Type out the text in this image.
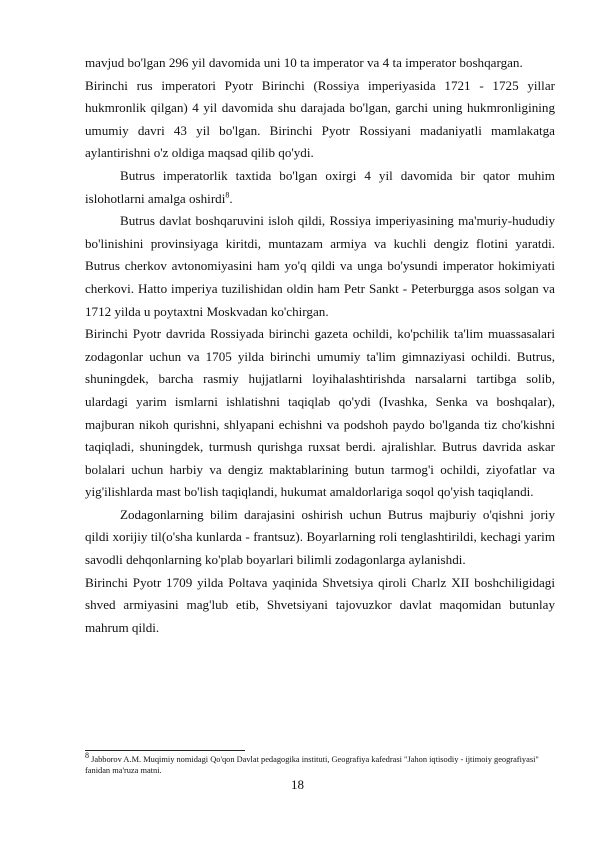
mavjud bo'lgan 296 yil davomida uni 10 ta imperator va 4 ta imperator boshqargan.

Birinchi rus imperatori Pyotr Birinchi (Rossiya imperiyasida 1721 - 1725 yillar hukmronlik qilgan) 4 yil davomida shu darajada bo'lgan, garchi uning hukmronligining umumiy davri 43 yil bo'lgan. Birinchi Pyotr Rossiyani madaniyatli mamlakatga aylantirishni o'z oldiga maqsad qilib qo'ydi.

Butrus imperatorlik taxtida bo'lgan oxirgi 4 yil davomida bir qator muhim islohotlarni amalga oshirdi$^8$.

Butrus davlat boshqaruvini isloh qildi, Rossiya imperiyasining ma'muriy-hududiy bo'linishini provinsiyaga kiritdi, muntazam armiya va kuchli dengiz flotini yaratdi. Butrus cherkov avtonomiyasini ham yo'q qildi va unga bo'ysundi imperator hokimiyati cherkovi. Hatto imperiya tuzilishidan oldin ham Petr Sankt - Peterburgga asos solgan va 1712 yilda u poytaxtni Moskvadan ko'chirgan.

Birinchi Pyotr davrida Rossiyada birinchi gazeta ochildi, ko'pchilik ta'lim muassasalari zodagonlar uchun va 1705 yilda birinchi umumiy ta'lim gimnaziyasi ochildi. Butrus, shuningdek, barcha rasmiy hujjatlarni loyihalashtirishda narsalarni tartibga solib, ulardagi yarim ismlarni ishlatishni taqiqlab qo'ydi (Ivashka, Senka va boshqalar), majburan nikoh qurishni, shlyapani echishni va podshoh paydo bo'lganda tiz cho'kishni taqiqladi, shuningdek, turmush qurishga ruxsat berdi. ajralishlar. Butrus davrida askar bolalari uchun harbiy va dengiz maktablarining butun tarmog'i ochildi, ziyofatlar va yig'ilishlarda mast bo'lish taqiqlandi, hukumat amaldorlariga soqol qo'yish taqiqlandi.

Zodagonlarning bilim darajasini oshirish uchun Butrus majburiy o'qishni joriy qildi xorijiy til(o'sha kunlarda - frantsuz). Boyarlarning roli tenglashtirildi, kechagi yarim savodli dehqonlarning ko'plab boyarlari bilimli zodagonlarga aylanishdi.

Birinchi Pyotr 1709 yilda Poltava yaqinida Shvetsiya qiroli Charlz XII boshchiligidagi shved armiyasini mag'lub etib, Shvetsiyani tajovuzkor davlat maqomidan butunlay mahrum qildi.

$^8$ Jabborov A.M. Muqimiy nomidagi Qo'qon Davlat pedagogika instituti, Geografiya kafedrasi "Jahon iqtisodiy - ijtimoiy geografiyasi" fanidan ma'ruza matni.
18
